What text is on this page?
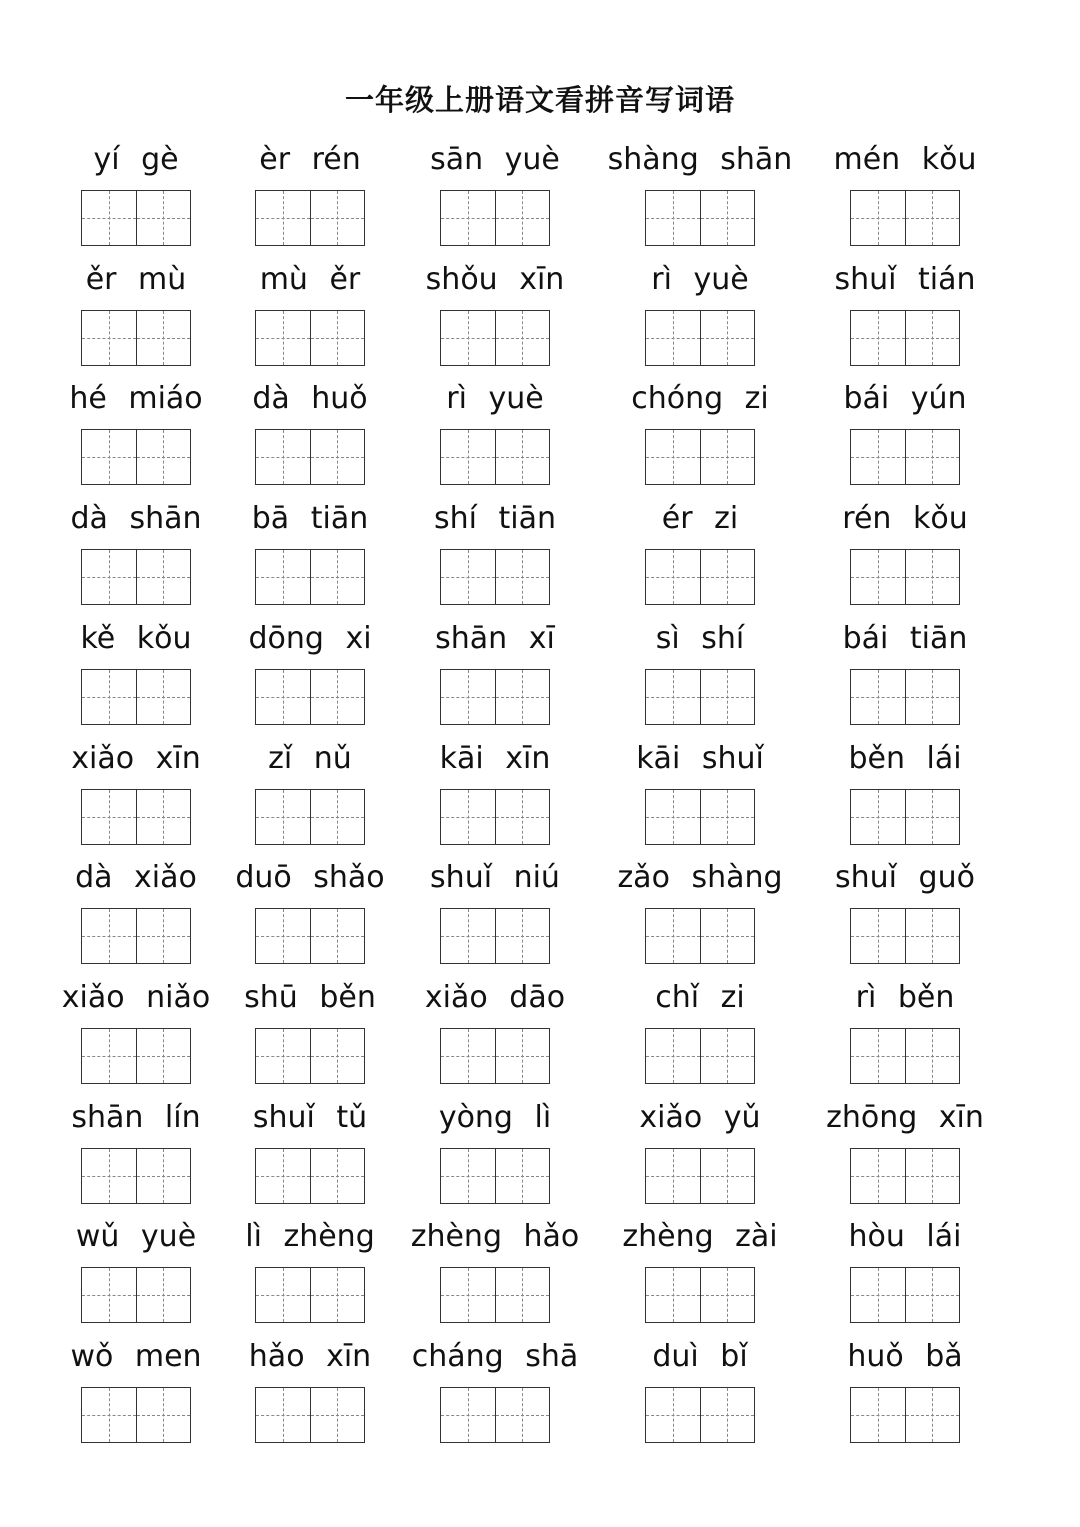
一年级上册语文看拼音写词语
yí gè	èr rén	sān yuè	shàng shān	mén kǒu
ěr mù	mù ěr	shǒu xīn	rì yuè	shuǐ tián
hé miáo	dà huǒ	rì yuè	chóng zi	bái yún
dà shān	bā tiān	shí tiān	ér zi	rén kǒu
kě kǒu	dōng xi	shān xī	sì shí	bái tiān
xiǎo xīn	zǐ nǔ	kāi xīn	kāi shuǐ	běn lái
dà xiǎo	duō shǎo	shuǐ niú	zǎo shàng	shuǐ guǒ
xiǎo niǎo	shū běn	xiǎo dāo	chǐ zi	rì běn
shān lín	shuǐ tǔ	yòng lì	xiǎo yǔ	zhōng xīn
wǔ yuè	lì zhèng	zhèng hǎo	zhèng zài	hòu lái
wǒ men	hǎo xīn	cháng shā	duì bǐ	huǒ bǎ
